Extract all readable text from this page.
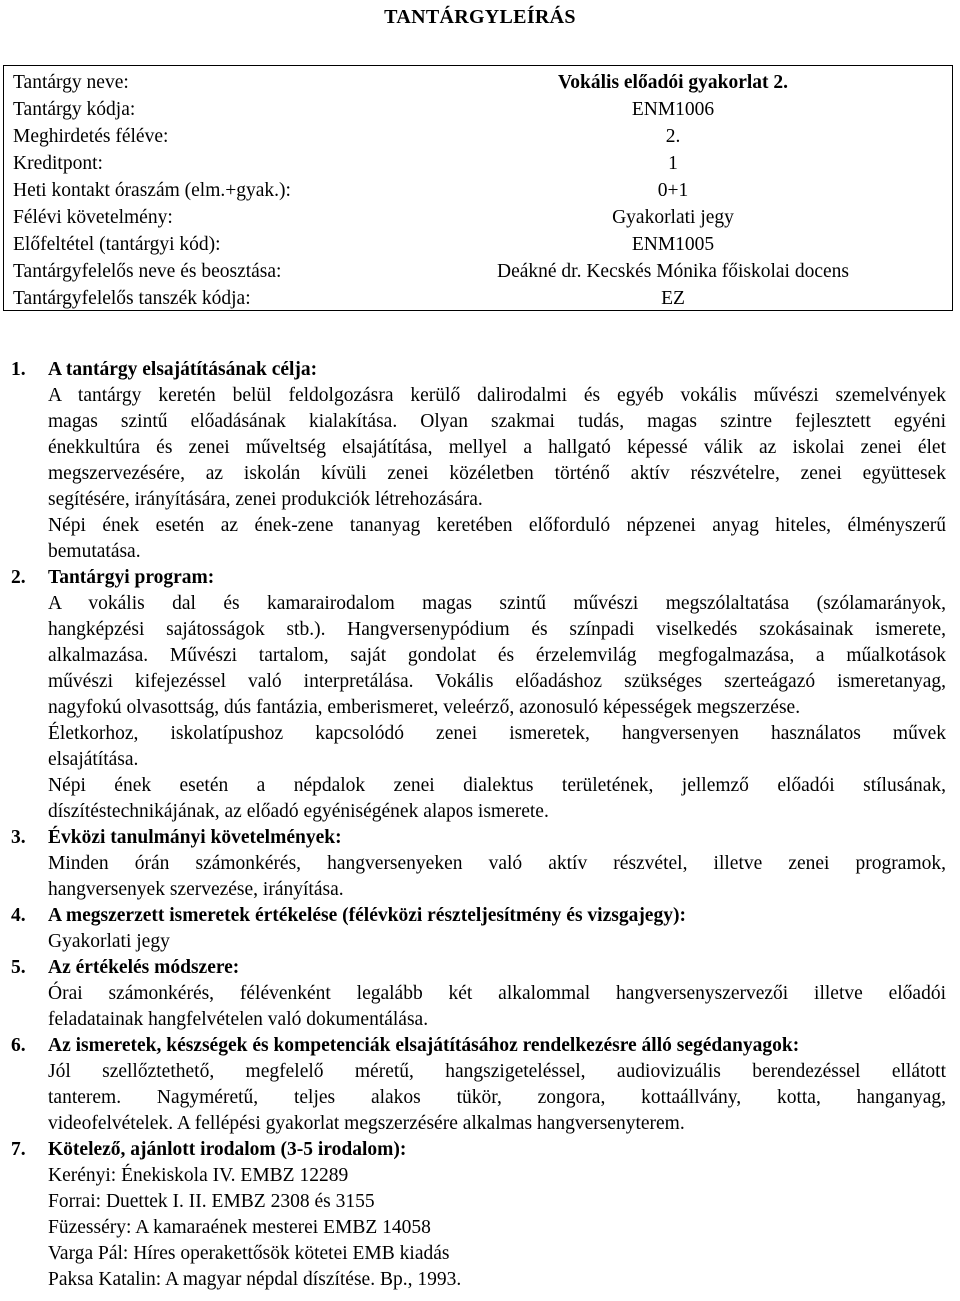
TANTÁRGYLEÍRÁS
Tantárgy neve:	Vokális előadói gyakorlat 2.
Tantárgy kódja:	ENM1006
Meghirdetés féléve:	2.
Kreditpont:	1
Heti kontakt óraszám (elm.+gyak.):	0+1
Félévi követelmény:	Gyakorlati jegy
Előfeltétel (tantárgyi kód):	ENM1005
Tantárgyfelelős neve és beosztása:	Deákné dr. Kecskés Mónika főiskolai docens
Tantárgyfelelős tanszék kódja:	EZ
1. A tantárgy elsajátításának célja:
A tantárgy keretén belül feldolgozásra kerülő dalirodalmi és egyéb vokális művészi szemelvények
magas szintű előadásának kialakítása. Olyan szakmai tudás, magas szintre fejlesztett egyéni
énekkultúra és zenei műveltség elsajátítása, mellyel a hallgató képessé válik az iskolai zenei élet
megszervezésére, az iskolán kívüli zenei közéletben történő aktív részvételre, zenei együttesek
segítésére, irányítására, zenei produkciók létrehozására.
Népi ének esetén az ének-zene tananyag keretében előforduló népzenei anyag hiteles, élményszerű
bemutatása.
2. Tantárgyi program:
A vokális dal és kamarairodalom magas szintű művészi megszólaltatása (szólamarányok,
hangképzési sajátosságok stb.). Hangversenypódium és színpadi viselkedés szokásainak ismerete,
alkalmazása. Művészi tartalom, saját gondolat és érzelemvilág megfogalmazása, a műalkotások
művészi kifejezéssel való interpretálása. Vokális előadáshoz szükséges szerteágazó ismeretanyag,
nagyfokú olvasottság, dús fantázia, emberismeret, veleérző, azonosuló képességek megszerzése.
Életkorhoz, iskolatípushoz kapcsolódó zenei ismeretek, hangversenyen használatos művek
elsajátítása.
Népi ének esetén a népdalok zenei dialektus területének, jellemző előadói stílusának,
díszítéstechnikájának, az előadó egyéniségének alapos ismerete.
3. Évközi tanulmányi követelmények:
Minden órán számonkérés, hangversenyeken való aktív részvétel, illetve zenei programok,
hangversenyek szervezése, irányítása.
4. A megszerzett ismeretek értékelése (félévközi részteljesítmény és vizsgajegy):
Gyakorlati jegy
5. Az értékelés módszere:
Órai számonkérés, félévenként legalább két alkalommal hangversenyszervezői illetve előadói
feladatainak hangfelvételen való dokumentálása.
6. Az ismeretek, készségek és kompetenciák elsajátításához rendelkezésre álló segédanyagok:
Jól szellőztethető, megfelelő méretű, hangszigeteléssel, audiovizuális berendezéssel ellátott
tanterem. Nagyméretű, teljes alakos tükör, zongora, kottaállvány, kotta, hanganyag,
videofelvételek. A fellépési gyakorlat megszerzésére alkalmas hangversenyterem.
7. Kötelező, ajánlott irodalom (3-5 irodalom):
Kerényi: Énekiskola IV. EMBZ 12289
Forrai: Duettek I. II. EMBZ 2308 és 3155
Füzesséry: A kamaraének mesterei EMBZ 14058
Varga Pál: Híres operakettősök kötetei EMB kiadás
Paksa Katalin: A magyar népdal díszítése. Bp., 1993.
